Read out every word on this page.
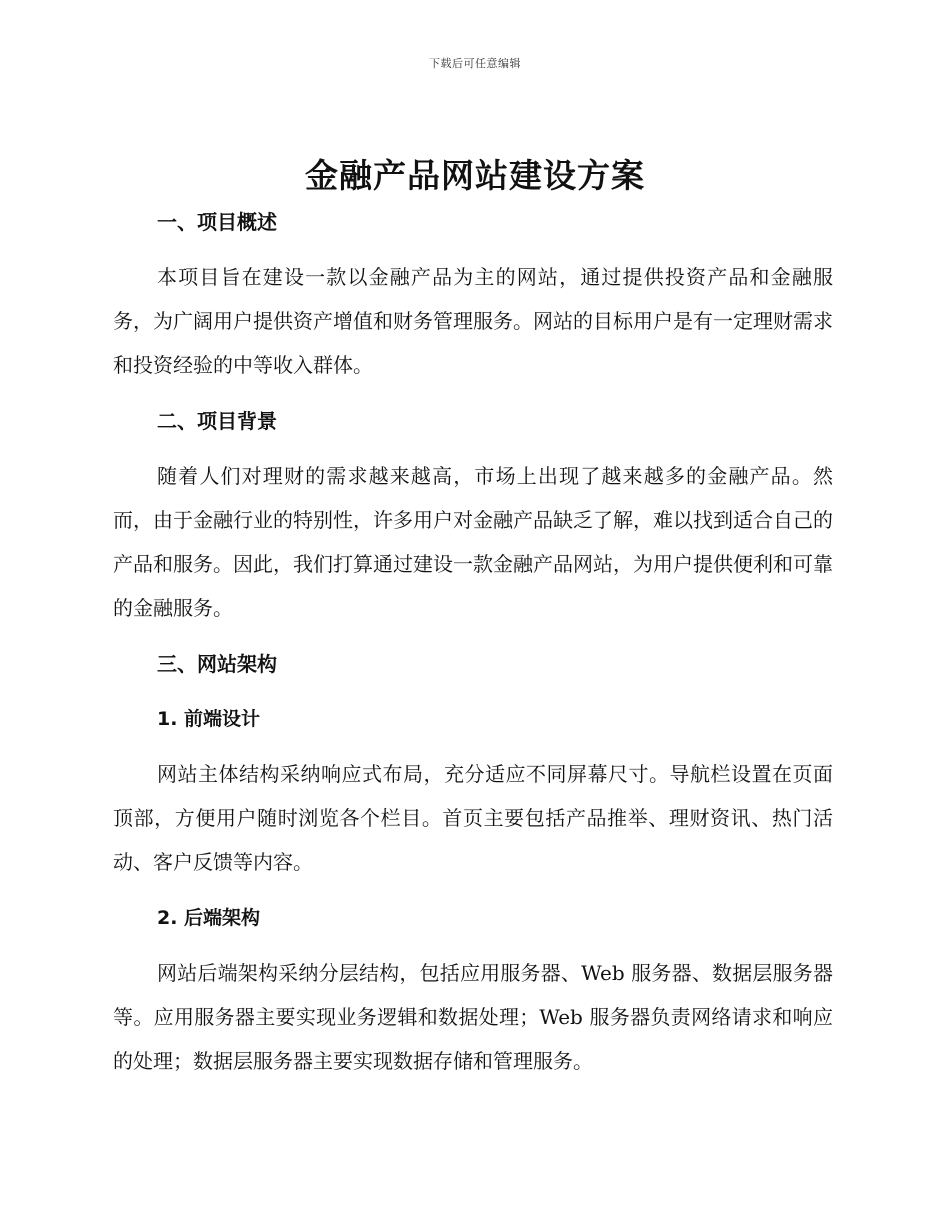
下载后可任意编辑
金融产品网站建设方案
一、项目概述

本项目旨在建设一款以金融产品为主的网站，通过提供投资产品和金融服务，为广阔用户提供资产增值和财务管理服务。网站的目标用户是有一定理财需求和投资经验的中等收入群体。

二、项目背景

随着人们对理财的需求越来越高，市场上出现了越来越多的金融产品。然而，由于金融行业的特别性，许多用户对金融产品缺乏了解，难以找到适合自己的产品和服务。因此，我们打算通过建设一款金融产品网站，为用户提供便利和可靠的金融服务。

三、网站架构
1. 前端设计

网站主体结构采纳响应式布局，充分适应不同屏幕尺寸。导航栏设置在页面顶部，方便用户随时浏览各个栏目。首页主要包括产品推举、理财资讯、热门活动、客户反馈等内容。

2. 后端架构

网站后端架构采纳分层结构，包括应用服务器、Web 服务器、数据层服务器等。应用服务器主要实现业务逻辑和数据处理；Web 服务器负责网络请求和响应的处理；数据层服务器主要实现数据存储和管理服务。
